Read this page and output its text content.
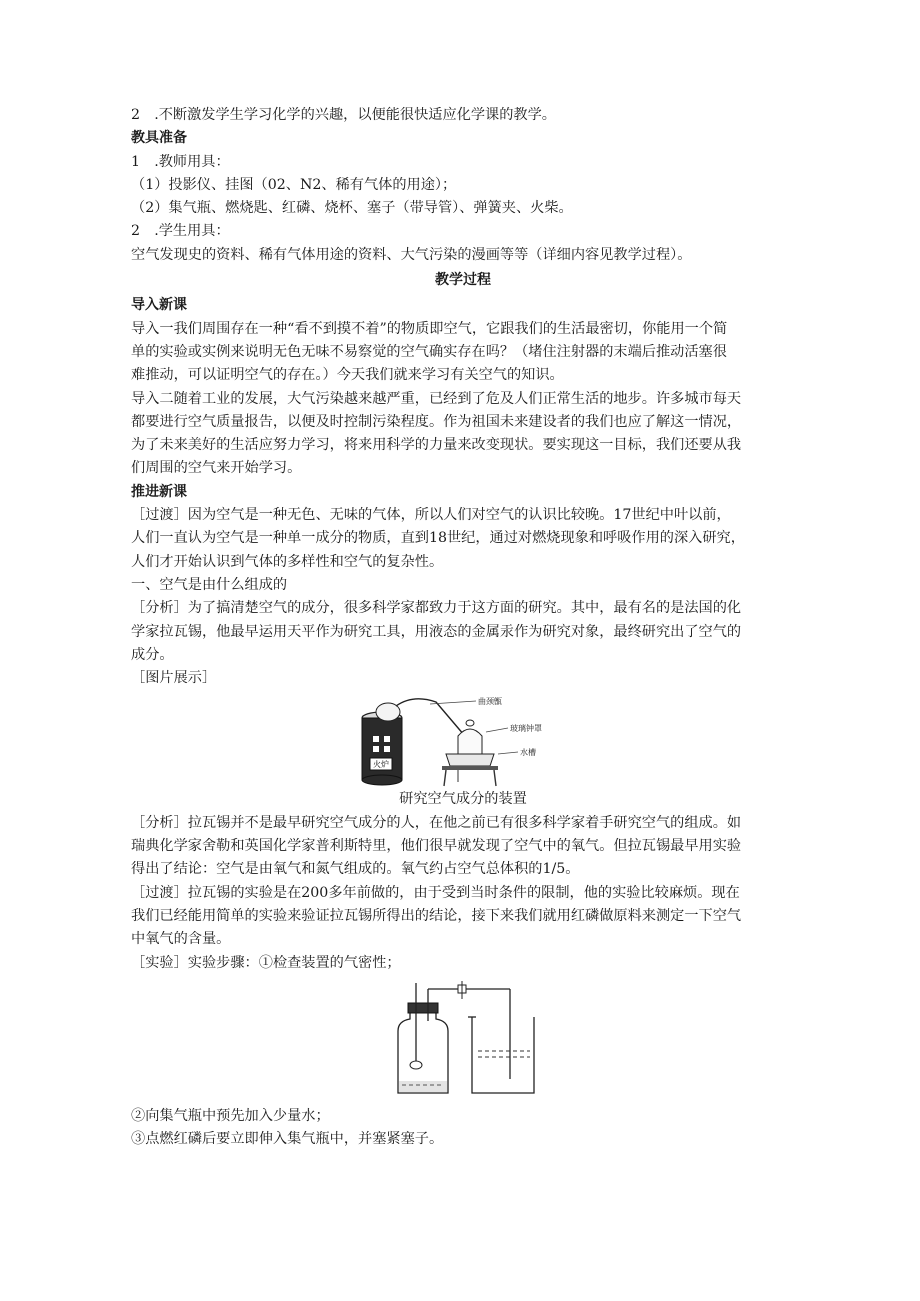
2　.不断激发学生学习化学的兴趣，以便能很快适应化学课的教学。

教具准备

1　.教师用具：

（1）投影仪、挂图（02、N2、稀有气体的用途）；

（2）集气瓶、燃烧匙、红磷、烧杯、塞子（带导管）、弹簧夹、火柴。

2　.学生用具：

空气发现史的资料、稀有气体用途的资料、大气污染的漫画等等（详细内容见教学过程）。

教学过程

导入新课

导入一我们周围存在一种“看不到摸不着”的物质即空气，它跟我们的生活最密切，你能用一个简

单的实验或实例来说明无色无味不易察觉的空气确实存在吗？（堵住注射器的末端后推动活塞很

难推动，可以证明空气的存在。）今天我们就来学习有关空气的知识。

导入二随着工业的发展，大气污染越来越严重，已经到了危及人们正常生活的地步。许多城市每天

都要进行空气质量报告，以便及时控制污染程度。作为祖国未来建设者的我们也应了解这一情况，

为了未来美好的生活应努力学习，将来用科学的力量来改变现状。要实现这一目标，我们还要从我

们周围的空气来开始学习。

推进新课

［过渡］因为空气是一种无色、无味的气体，所以人们对空气的认识比较晚。17世纪中叶以前，

人们一直认为空气是一种单一成分的物质，直到18世纪，通过对燃烧现象和呼吸作用的深入研究，

人们才开始认识到气体的多样性和空气的复杂性。

一、空气是由什么组成的

［分析］为了搞清楚空气的成分，很多科学家都致力于这方面的研究。其中，最有名的是法国的化

学家拉瓦锡，他最早运用天平作为研究工具，用液态的金属汞作为研究对象，最终研究出了空气的

成分。

［图片展示］

火炉
曲颈甑
玻璃钟罩
水槽

研究空气成分的装置

［分析］拉瓦锡并不是最早研究空气成分的人，在他之前已有很多科学家着手研究空气的组成。如

瑞典化学家舍勒和英国化学家普利斯特里，他们很早就发现了空气中的氧气。但拉瓦锡最早用实验

得出了结论：空气是由氧气和氮气组成的。氧气约占空气总体积的1/5。

［过渡］拉瓦锡的实验是在200多年前做的，由于受到当时条件的限制，他的实验比较麻烦。现在

我们已经能用简单的实验来验证拉瓦锡所得出的结论，接下来我们就用红磷做原料来测定一下空气

中氧气的含量。

［实验］实验步骤：①检查装置的气密性；

②向集气瓶中预先加入少量水；

③点燃红磷后要立即伸入集气瓶中，并塞紧塞子。
